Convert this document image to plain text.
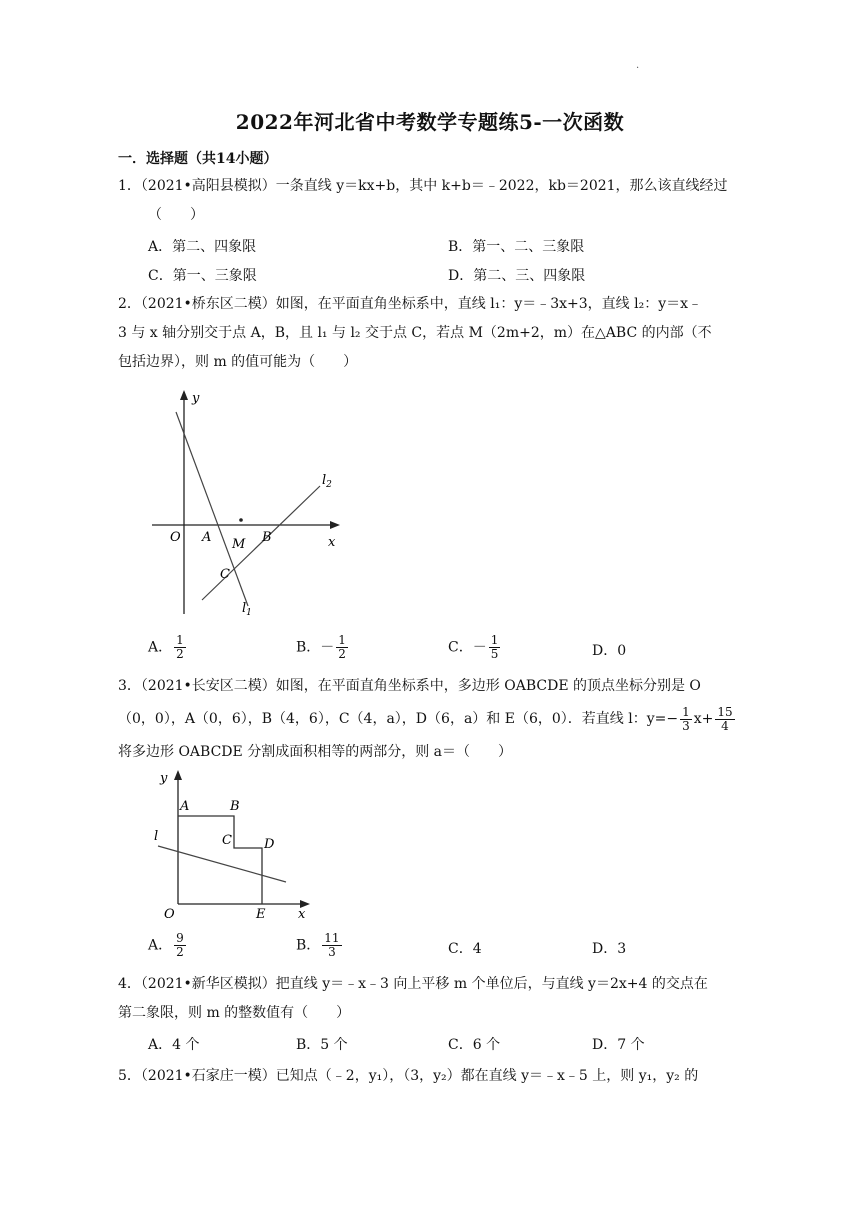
.
2022年河北省中考数学专题练5-一次函数
一．选择题（共14小题）
1．（2021•高阳县模拟）一条直线 y＝kx+b，其中 k+b＝﹣2022，kb＝2021，那么该直线经过
（　　）
A．第二、四象限	B．第一、二、三象限
C．第一、三象限	D．第二、三、四象限
2．（2021•桥东区二模）如图，在平面直角坐标系中，直线 l₁：y＝﹣3x+3，直线 l₂：y＝x﹣
3 与 x 轴分别交于点 A，B，且 l₁ 与 l₂ 交于点 C，若点 M（2m+2，m）在△ABC 的内部（不
包括边界），则 m 的值可能为（　　）
y
x
O A	B
M
C
$l_1$
$l_2$
A． $\frac{1}{2}$	B．－ $\frac{1}{2}$	C．－ $\frac{1}{5}$	D．0
3．（2021•长安区二模）如图，在平面直角坐标系中，多边形 OABCDE 的顶点坐标分别是 O
（0，0），A（0，6），B（4，6），C（4，a），D（6，a）和 E（6，0）．若直线 l：$y=- \frac{1}{3} x+ \frac{15}{4}$
将多边形 OABCDE 分割成面积相等的两部分，则 a＝（　　）
y
x
O
A	B
C D
E
l
A． $\frac{9}{2}$	B． $\frac{11}{3}$	C．4	D．3
4．（2021•新华区模拟）把直线 y＝﹣x﹣3 向上平移 m 个单位后，与直线 y＝2x+4 的交点在
第二象限，则 m 的整数值有（　　）
A．4 个	B．5 个	C．6 个	D．7 个
5．（2021•石家庄一模）已知点（﹣2，y₁），（3，y₂）都在直线 y＝﹣x﹣5 上，则 y₁，y₂ 的
